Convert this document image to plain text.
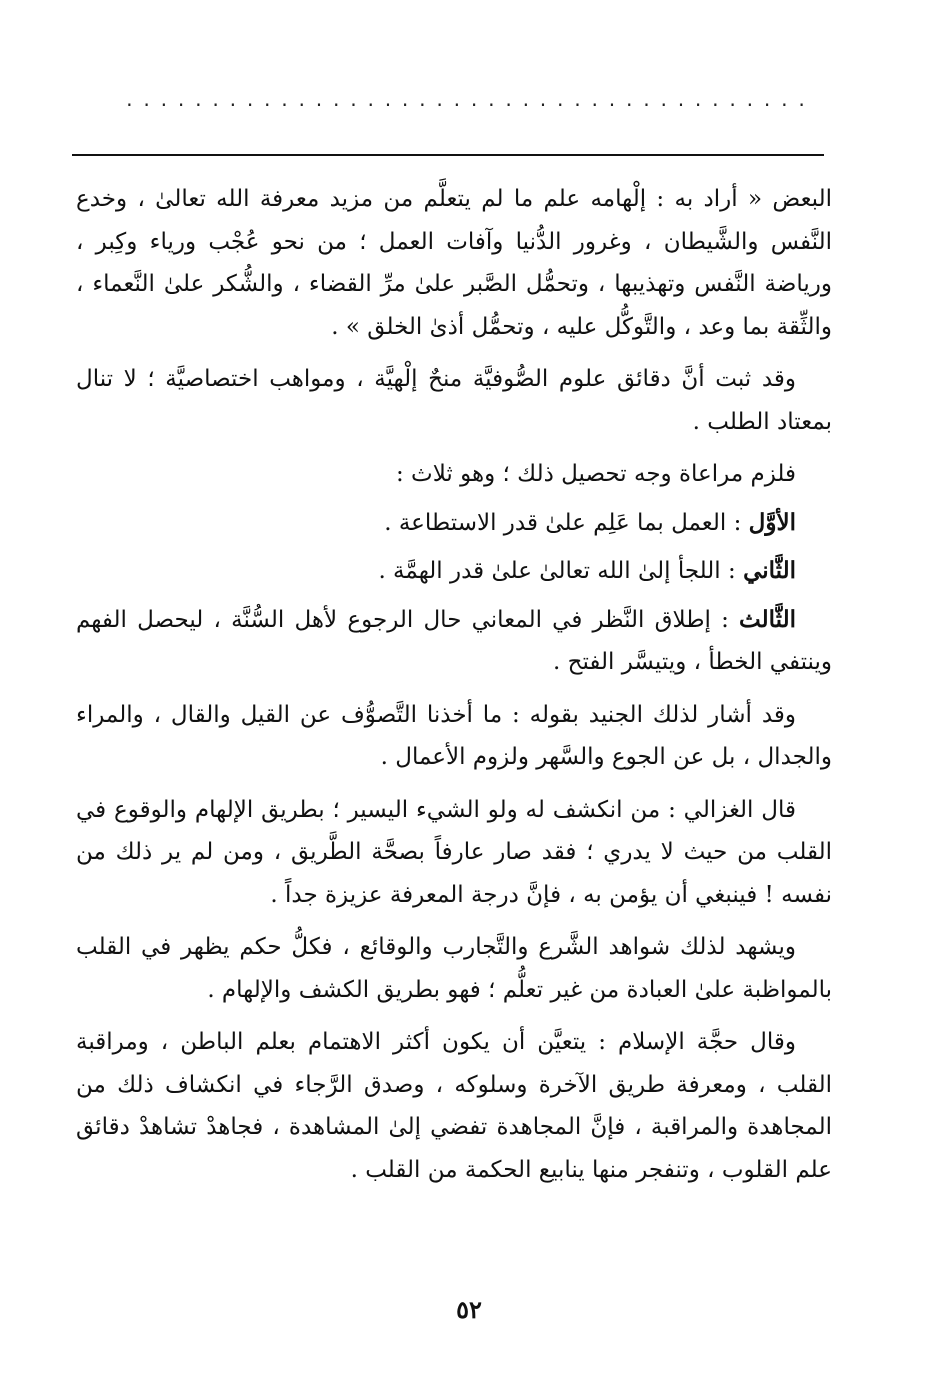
........................................

البعض « أراد به : إلْهامه علم ما لم يتعلَّم من مزيد معرفة الله تعالىٰ ، وخدع النَّفس والشَّيطان ، وغرور الدُّنيا وآفات العمل ؛ من نحو عُجْب ورياء وكِبر ، ورياضة النَّفس وتهذيبها ، وتحمُّل الصَّبر علىٰ مرِّ القضاء ، والشُّكر علىٰ النَّعماء ، والثِّقة بما وعد ، والتَّوكُّل عليه ، وتحمُّل أذىٰ الخلق » .

وقد ثبت أنَّ دقائق علوم الصُّوفيَّة منحٌ إلْهيَّة ، ومواهب اختصاصيَّة ؛ لا تنال بمعتاد الطلب .

فلزم مراعاة وجه تحصيل ذلك ؛ وهو ثلاث :

الأوَّل : العمل بما عَلِم علىٰ قدر الاستطاعة .

الثَّاني : اللجأ إلىٰ الله تعالىٰ علىٰ قدر الهمَّة .

الثَّالث : إطلاق النَّظر في المعاني حال الرجوع لأهل السُّنَّة ، ليحصل الفهم وينتفي الخطأ ، ويتيسَّر الفتح .

وقد أشار لذلك الجنيد بقوله : ما أخذنا التَّصوُّف عن القيل والقال ، والمراء والجدال ، بل عن الجوع والسَّهر ولزوم الأعمال .

قال الغزالي : من انكشف له ولو الشيء اليسير ؛ بطريق الإلهام والوقوع في القلب من حيث لا يدري ؛ فقد صار عارفاً بصحَّة الطَّريق ، ومن لم ير ذلك من نفسه ! فينبغي أن يؤمن به ، فإنَّ درجة المعرفة عزيزة جداً .

ويشهد لذلك شواهد الشَّرع والتَّجارب والوقائع ، فكلُّ حكم يظهر في القلب بالمواظبة علىٰ العبادة من غير تعلُّم ؛ فهو بطريق الكشف والإلهام .

وقال حجَّة الإسلام : يتعيَّن أن يكون أكثر الاهتمام بعلم الباطن ، ومراقبة القلب ، ومعرفة طريق الآخرة وسلوكه ، وصدق الرَّجاء في انكشاف ذلك من المجاهدة والمراقبة ، فإنَّ المجاهدة تفضي إلىٰ المشاهدة ، فجاهدْ تشاهدْ دقائق علم القلوب ، وتنفجر منها ينابيع الحكمة من القلب .

٥٢
